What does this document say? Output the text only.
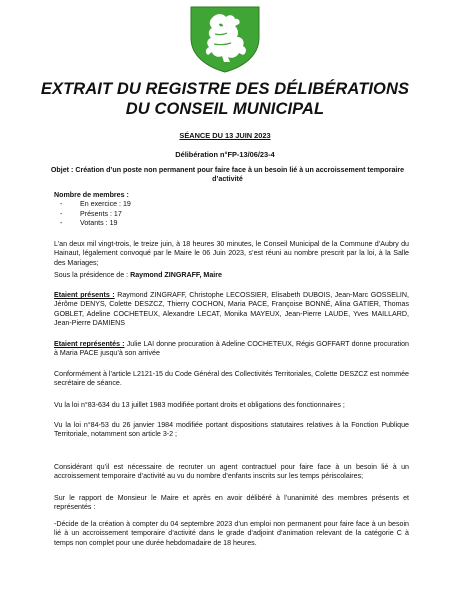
EXTRAIT DU REGISTRE DES DÉLIBÉRATIONS
DU CONSEIL MUNICIPAL
SÉANCE DU 13 JUIN 2023
Délibération n°FP-13/06/23-4
Objet : Création d’un poste non permanent pour faire face à un besoin lié à un accroissement temporaire d’activité
Nombre de membres :
- En exercice : 19
- Présents : 17
- Votants : 19
L’an deux mil vingt-trois, le treize juin, à 18 heures 30 minutes, le Conseil Municipal de la Commune d’Aubry du Hainaut, légalement convoqué par le Maire le 06 Juin 2023, s’est réuni au nombre prescrit par la loi, à la Salle des Mariages;
Sous la présidence de : Raymond ZINGRAFF, Maire
Etaient présents : Raymond ZINGRAFF, Christophe LECOSSIER, Elisabeth DUBOIS, Jean-Marc GOSSELIN, Jérôme DENYS, Colette DESZCZ, Thierry COCHON, Maria PACE, Françoise BONNÉ, Alina GATIER, Thomas GOBLET, Adeline COCHETEUX, Alexandre LECAT, Monika MAYEUX, Jean-Pierre LAUDE, Yves MAILLARD, Jean-Pierre DAMIENS
Etaient représentés : Julie LAI donne procuration à Adeline COCHETEUX, Régis GOFFART donne procuration à Maria PACE jusqu’à son arrivée
Conformément à l’article L2121-15 du Code Général des Collectivités Territoriales, Colette DESZCZ est nommée secrétaire de séance.
Vu la loi n°83-634 du 13 juillet 1983 modifiée portant droits et obligations des fonctionnaires ;
Vu la loi n°84-53 du 26 janvier 1984 modifiée portant dispositions statutaires relatives à la Fonction Publique Territoriale, notamment son article 3-2 ;
Considérant qu’il est nécessaire de recruter un agent contractuel pour faire face à un besoin lié à un accroissement temporaire d’activité au vu du nombre d’enfants inscrits sur les temps périscolaires;
Sur le rapport de Monsieur le Maire et après en avoir délibéré à l’unanimité des membres présents et représentés :
-Décide de la création à compter du 04 septembre 2023 d’un emploi non permanent pour faire face à un besoin lié à un accroissement temporaire d’activité dans le grade d’adjoint d’animation relevant de la catégorie C à temps non complet pour une durée hebdomadaire de 18 heures.
